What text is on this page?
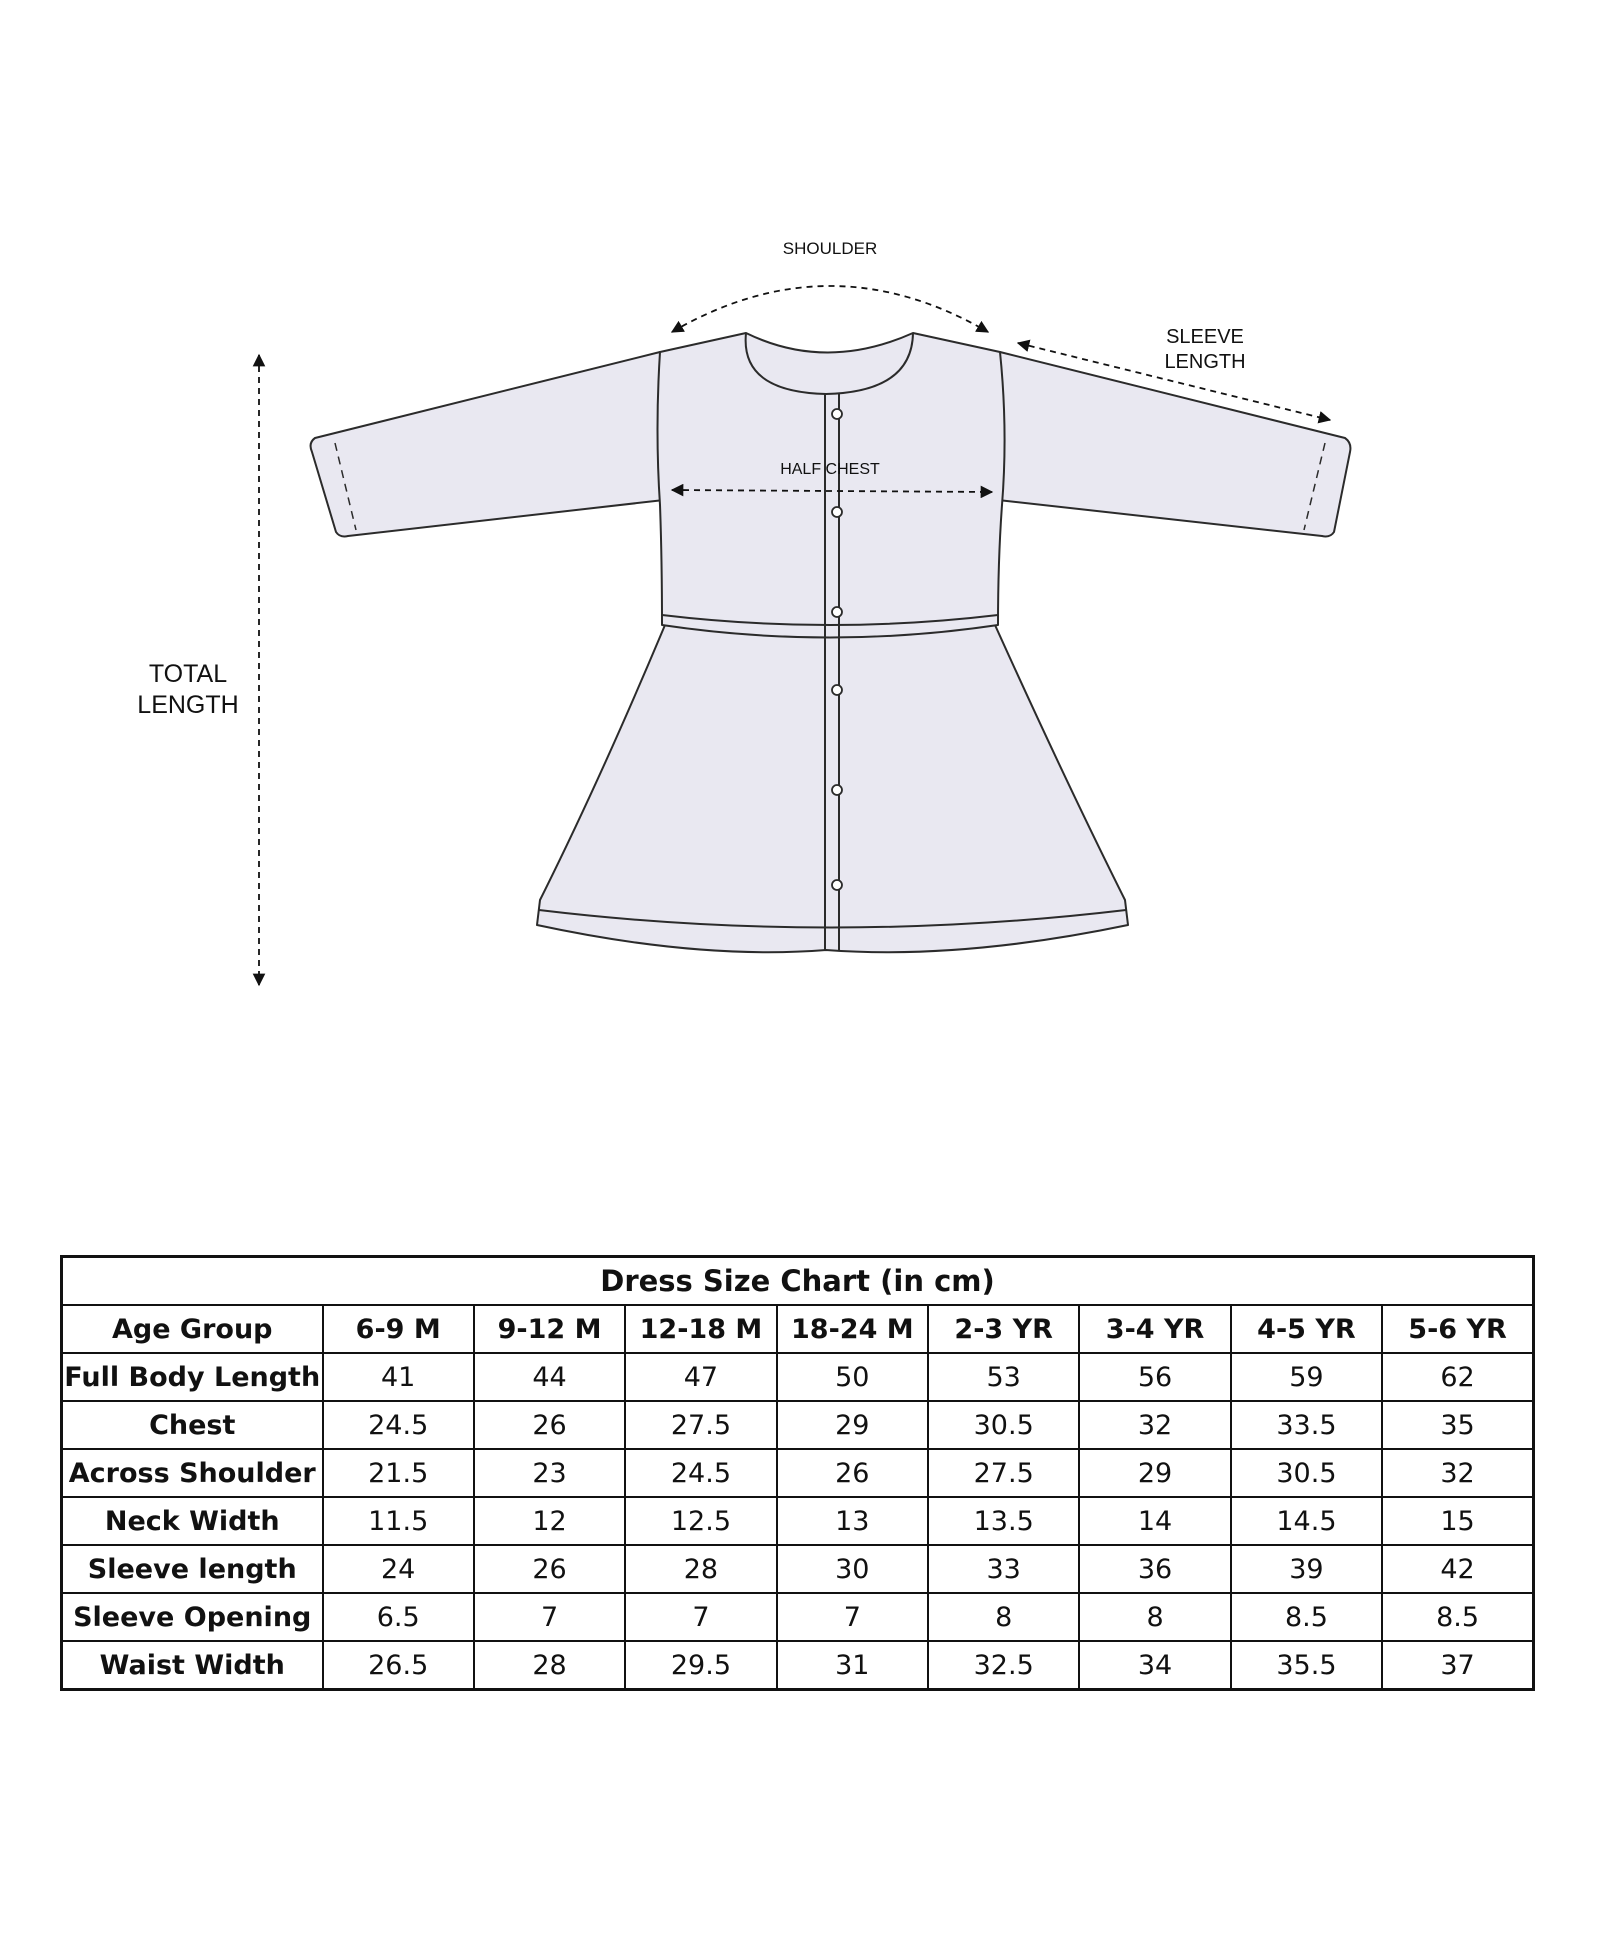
SHOULDER
SLEEVE
LENGTH
HALF CHEST
TOTAL
LENGTH
Dress Size Chart (in cm)								
Age Group	6-9 M	9-12 M	12-18 M	18-24 M	2-3 YR	3-4 YR	4-5 YR	5-6 YR
Full Body Length	41	44	47	50	53	56	59	62
Chest	24.5	26	27.5	29	30.5	32	33.5	35
Across Shoulder	21.5	23	24.5	26	27.5	29	30.5	32
Neck Width	11.5	12	12.5	13	13.5	14	14.5	15
Sleeve length	24	26	28	30	33	36	39	42
Sleeve Opening	6.5	7	7	7	8	8	8.5	8.5
Waist Width	26.5	28	29.5	31	32.5	34	35.5	37
